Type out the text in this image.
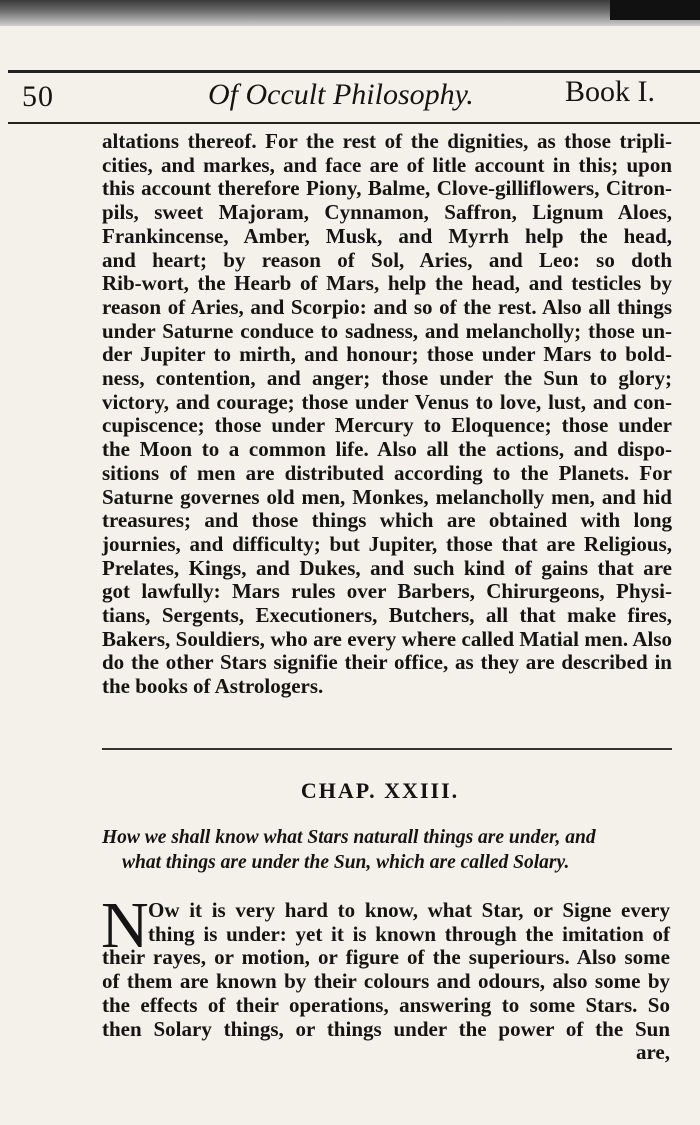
50	Of Occult Philosophy.	Book I.

altations thereof. For the rest of the dignities, as those tripli-
cities, and markes, and face are of litle account in this; upon
this account therefore Piony, Balme, Clove-gilliflowers, Citron-
pils, sweet Majoram, Cynnamon, Saffron, Lignum Aloes,
Frankincense, Amber, Musk, and Myrrh help the head,
and heart; by reason of Sol, Aries, and Leo: so doth
Rib-wort, the Hearb of Mars, help the head, and testicles by
reason of Aries, and Scorpio: and so of the rest. Also all things
under Saturne conduce to sadness, and melancholly; those un-
der Jupiter to mirth, and honour; those under Mars to bold-
ness, contention, and anger; those under the Sun to glory;
victory, and courage; those under Venus to love, lust, and con-
cupiscence; those under Mercury to Eloquence; those under
the Moon to a common life. Also all the actions, and dispo-
sitions of men are distributed according to the Planets. For
Saturne governes old men, Monkes, melancholly men, and hid
treasures; and those things which are obtained with long
journies, and difficulty; but Jupiter, those that are Religious,
Prelates, Kings, and Dukes, and such kind of gains that are
got lawfully: Mars rules over Barbers, Chirurgeons, Physi-
tians, Sergents, Executioners, Butchers, all that make fires,
Bakers, Souldiers, who are every where called Matial men. Also
do the other Stars signifie their office, as they are described in
the books of Astrologers.

CHAP. XXIII.

How we shall know what Stars naturall things are under, and
what things are under the Sun, which are called Solary.

N Ow it is very hard to know, what Star, or Signe every
thing is under: yet it is known through the imitation of
their rayes, or motion, or figure of the superiours. Also some
of them are known by their colours and odours, also some by
the effects of their operations, answering to some Stars. So
then Solary things, or things under the power of the Sun
are,
